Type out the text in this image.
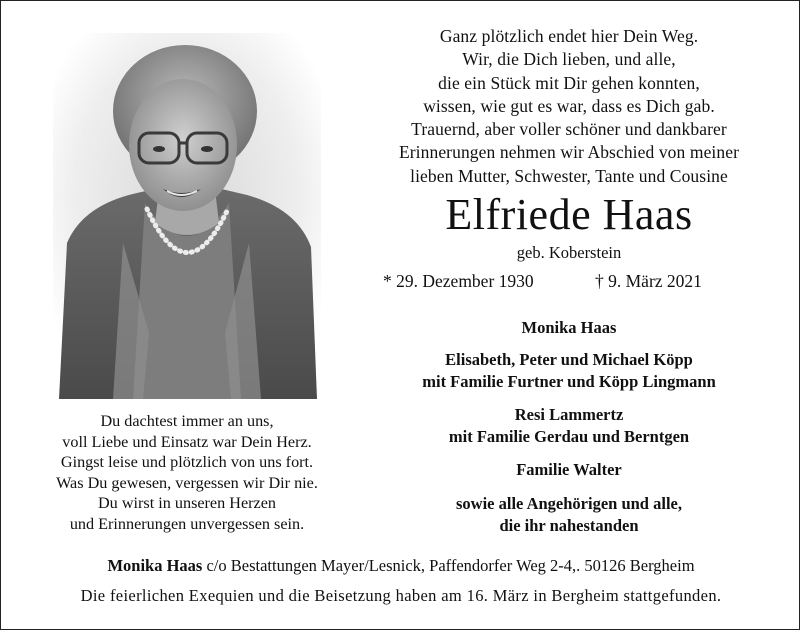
Ganz plötzlich endet hier Dein Weg.
Wir, die Dich lieben, und alle,
die ein Stück mit Dir gehen konnten,
wissen, wie gut es war, dass es Dich gab.
Trauernd, aber voller schöner und dankbarer
Erinnerungen nehmen wir Abschied von meiner
lieben Mutter, Schwester, Tante und Cousine
Elfriede Haas
geb. Koberstein
* 29. Dezember 1930	† 9. März 2021
Monika Haas
Elisabeth, Peter und Michael Köpp
mit Familie Furtner und Köpp Lingmann
Resi Lammertz
mit Familie Gerdau und Berntgen
Familie Walter
sowie alle Angehörigen und alle,
die ihr nahestanden
Du dachtest immer an uns,
voll Liebe und Einsatz war Dein Herz.
Gingst leise und plötzlich von uns fort.
Was Du gewesen, vergessen wir Dir nie.
Du wirst in unseren Herzen
und Erinnerungen unvergessen sein.
Monika Haas c/o Bestattungen Mayer/Lesnick, Paffendorfer Weg 2-4,. 50126 Bergheim
Die feierlichen Exequien und die Beisetzung haben am 16. März in Bergheim stattgefunden.
